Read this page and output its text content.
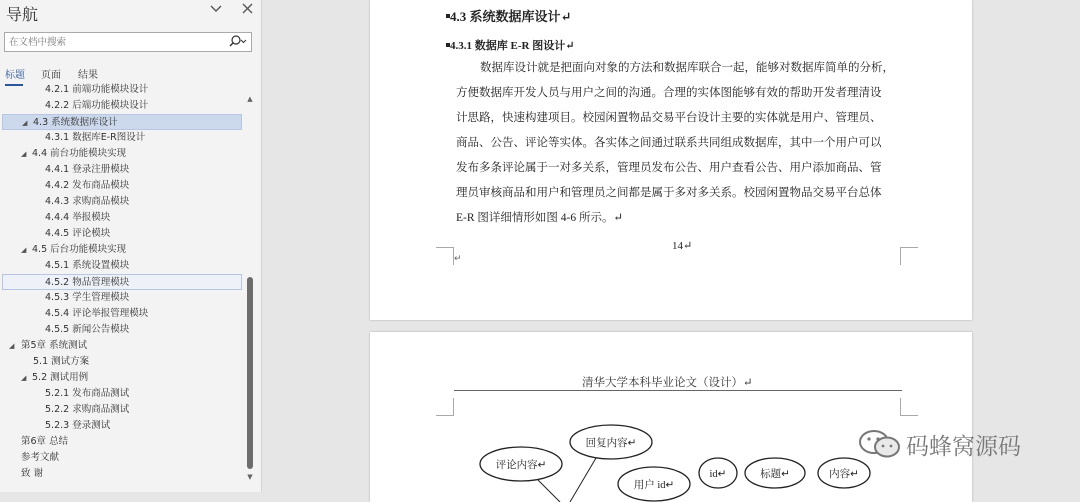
导航
在文档中搜索
标题 页面 结果
4.2.1 前端功能模块设计
4.2.2 后端功能模块设计
◢ 4.3 系统数据库设计
4.3.1 数据库E-R图设计
◢ 4.4 前台功能模块实现
4.4.1 登录注册模块
4.4.2 发布商品模块
4.4.3 求购商品模块
4.4.4 举报模块
4.4.5 评论模块
◢ 4.5 后台功能模块实现
4.5.1 系统设置模块
4.5.2 物品管理模块
4.5.3 学生管理模块
4.5.4 评论举报管理模块
4.5.5 新闻公告模块
◢ 第5章 系统测试
5.1 测试方案
◢ 5.2 测试用例
5.2.1 发布商品测试
5.2.2 求购商品测试
5.2.3 登录测试
第6章 总结
参考文献
致 谢
▲
▼
4.3 系统数据库设计↵
4.3.1 数据库 E-R 图设计↵
数据库设计就是把面向对象的方法和数据库联合一起，能够对数据库简单的分析，
方便数据库开发人员与用户之间的沟通。合理的实体图能够有效的帮助开发者理清设
计思路，快速构建项目。校园闲置物品交易平台设计主要的实体就是用户、管理员、
商品、公告、评论等实体。各实体之间通过联系共同组成数据库，其中一个用户可以
发布多条评论属于一对多关系，管理员发布公告、用户查看公告、用户添加商品、管
理员审核商品和用户和管理员之间都是属于多对多关系。校园闲置物品交易平台总体
E-R 图详细情形如图 4-6 所示。↵
14↵
↵
清华大学本科毕业论文（设计）↵
回复内容↵
评论内容↵
用户 id↵
id↵	标题↵	内容↵
码蜂窝源码
